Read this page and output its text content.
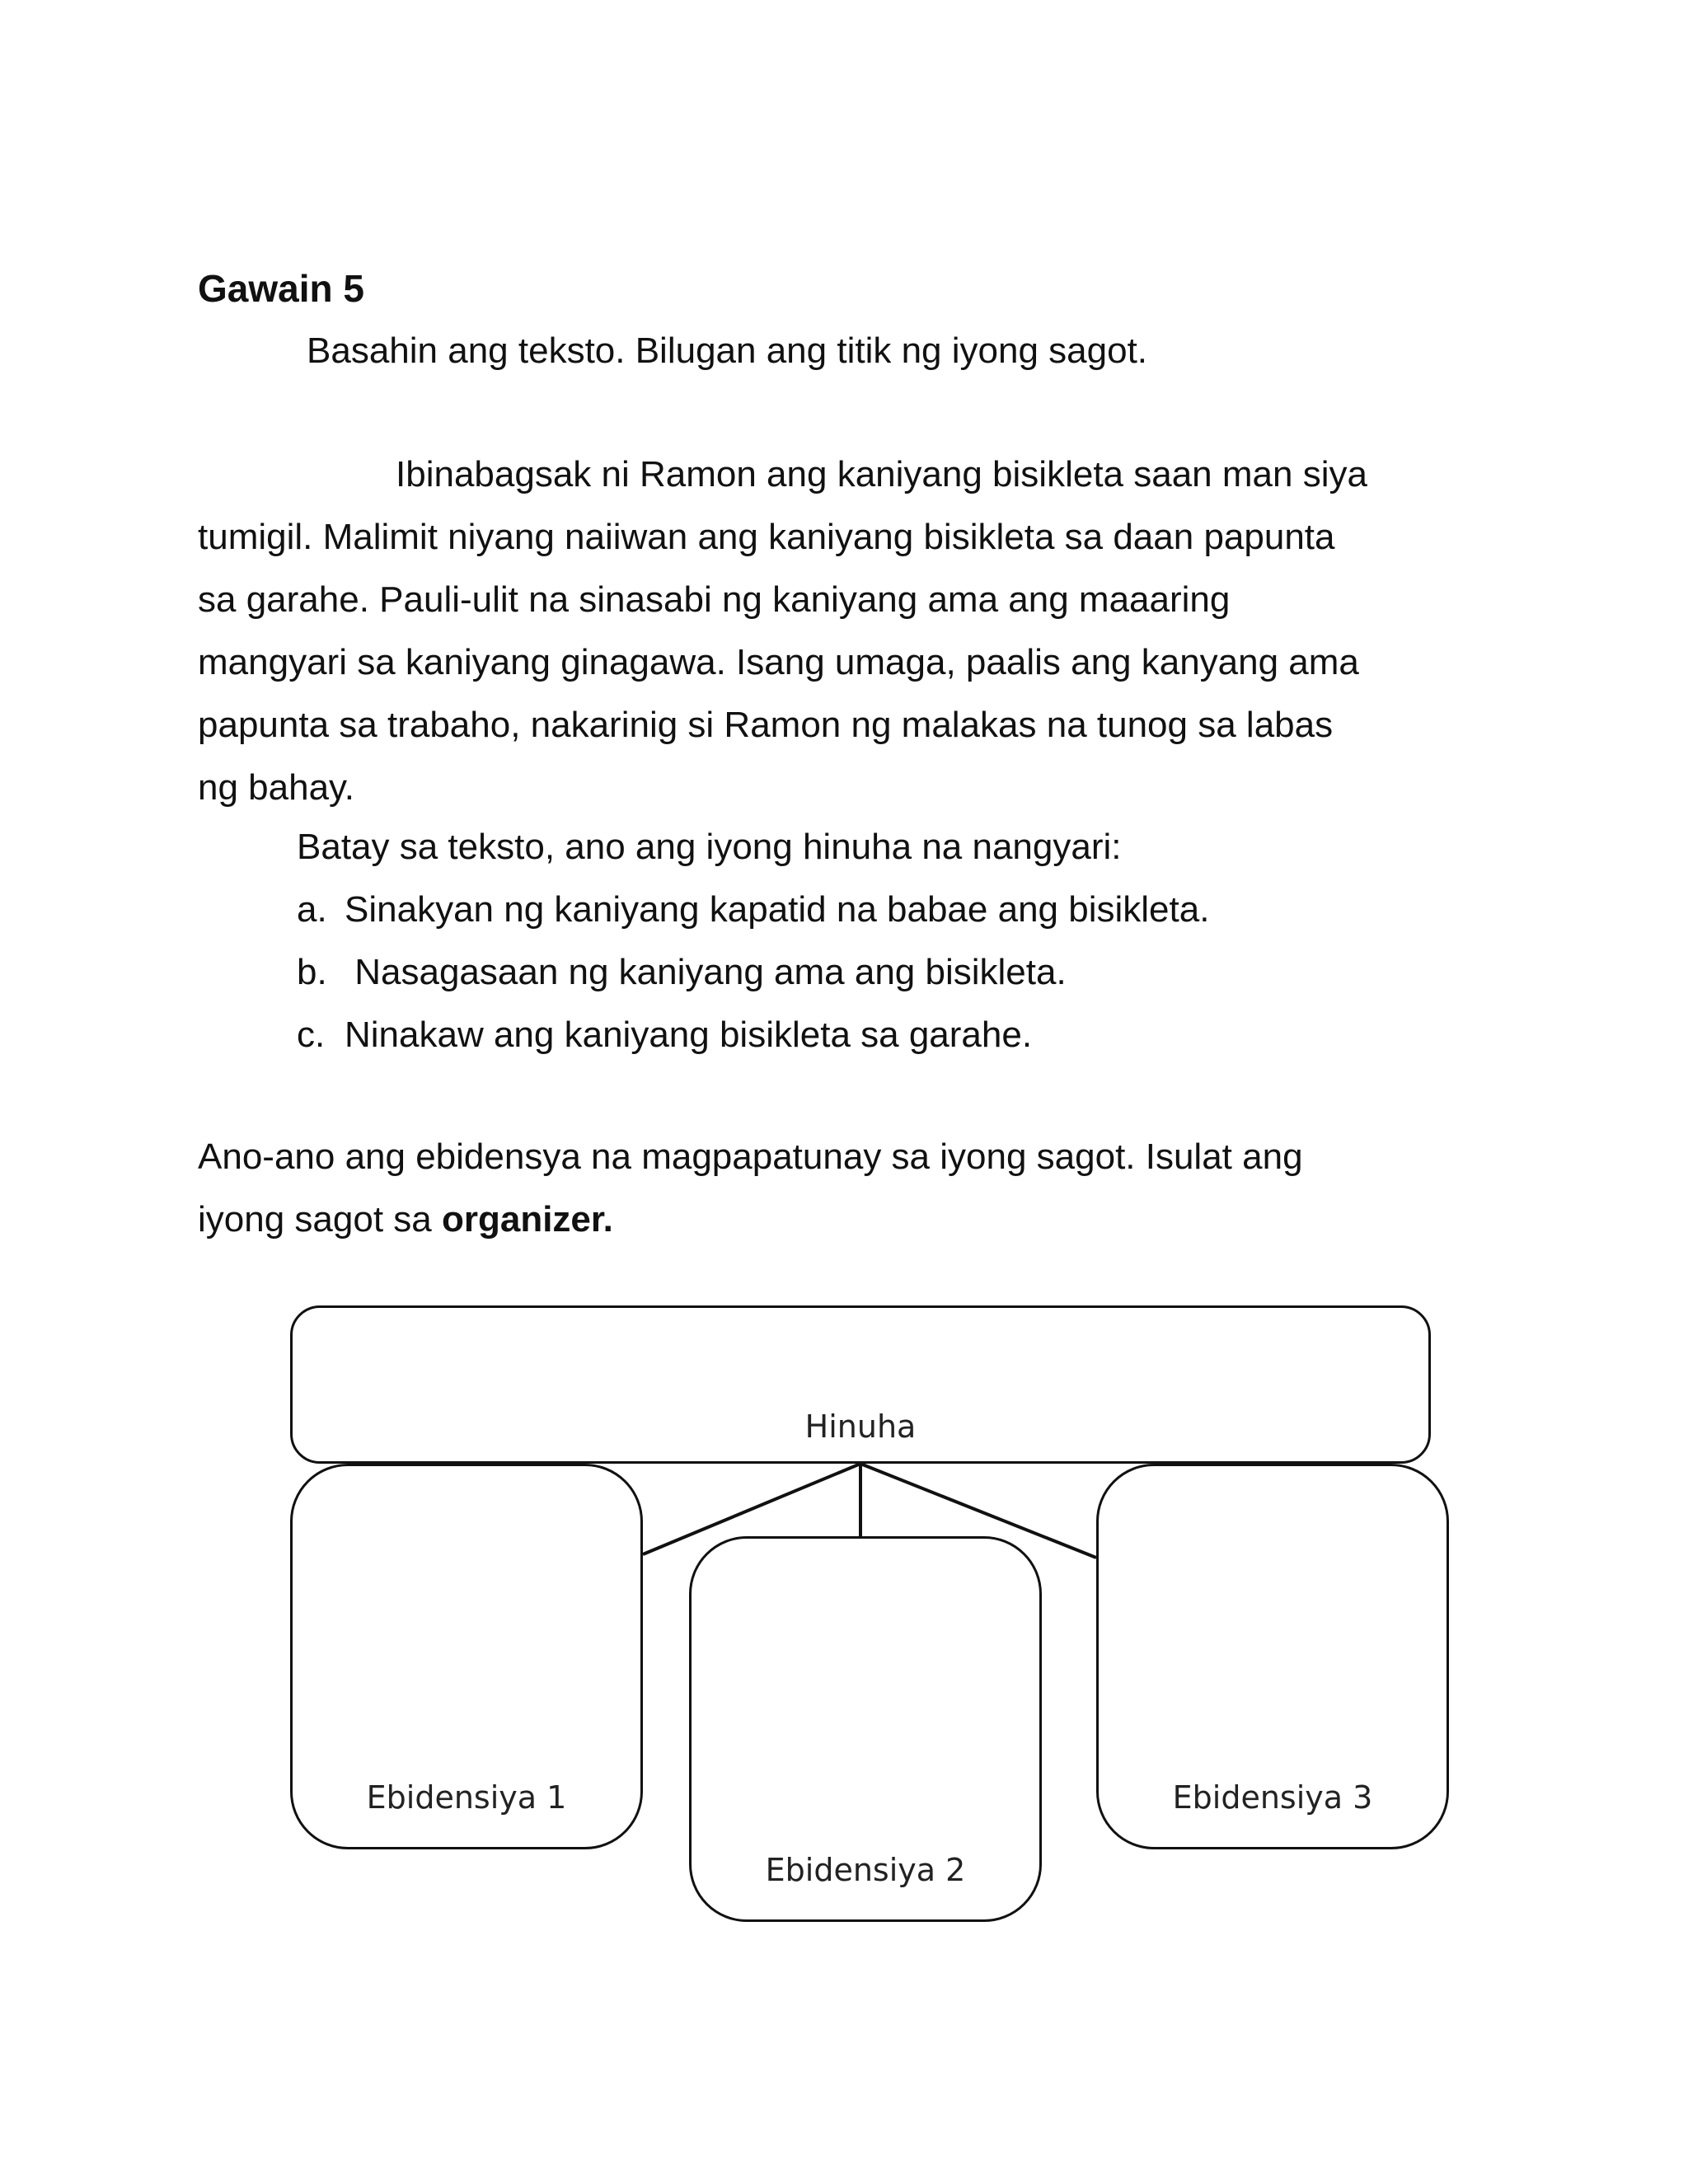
Gawain 5
Basahin ang teksto. Bilugan ang titik ng iyong sagot.
Ibinabagsak ni Ramon ang kaniyang bisikleta saan man siya
tumigil. Malimit niyang naiiwan ang kaniyang bisikleta sa daan papunta
sa garahe. Pauli-ulit na sinasabi ng kaniyang ama ang maaaring
mangyari sa kaniyang ginagawa. Isang umaga, paalis ang kanyang ama
papunta sa trabaho, nakarinig si Ramon ng malakas na tunog sa labas
ng bahay.
Batay sa teksto, ano ang iyong hinuha na nangyari:
a. Sinakyan ng kaniyang kapatid na babae ang bisikleta.
b. Nasagasaan ng kaniyang ama ang bisikleta.
c. Ninakaw ang kaniyang bisikleta sa garahe.
Ano-ano ang ebidensya na magpapatunay sa iyong sagot. Isulat ang
iyong sagot sa organizer.
Hinuha
Ebidensiya 1
Ebidensiya 2
Ebidensiya 3
